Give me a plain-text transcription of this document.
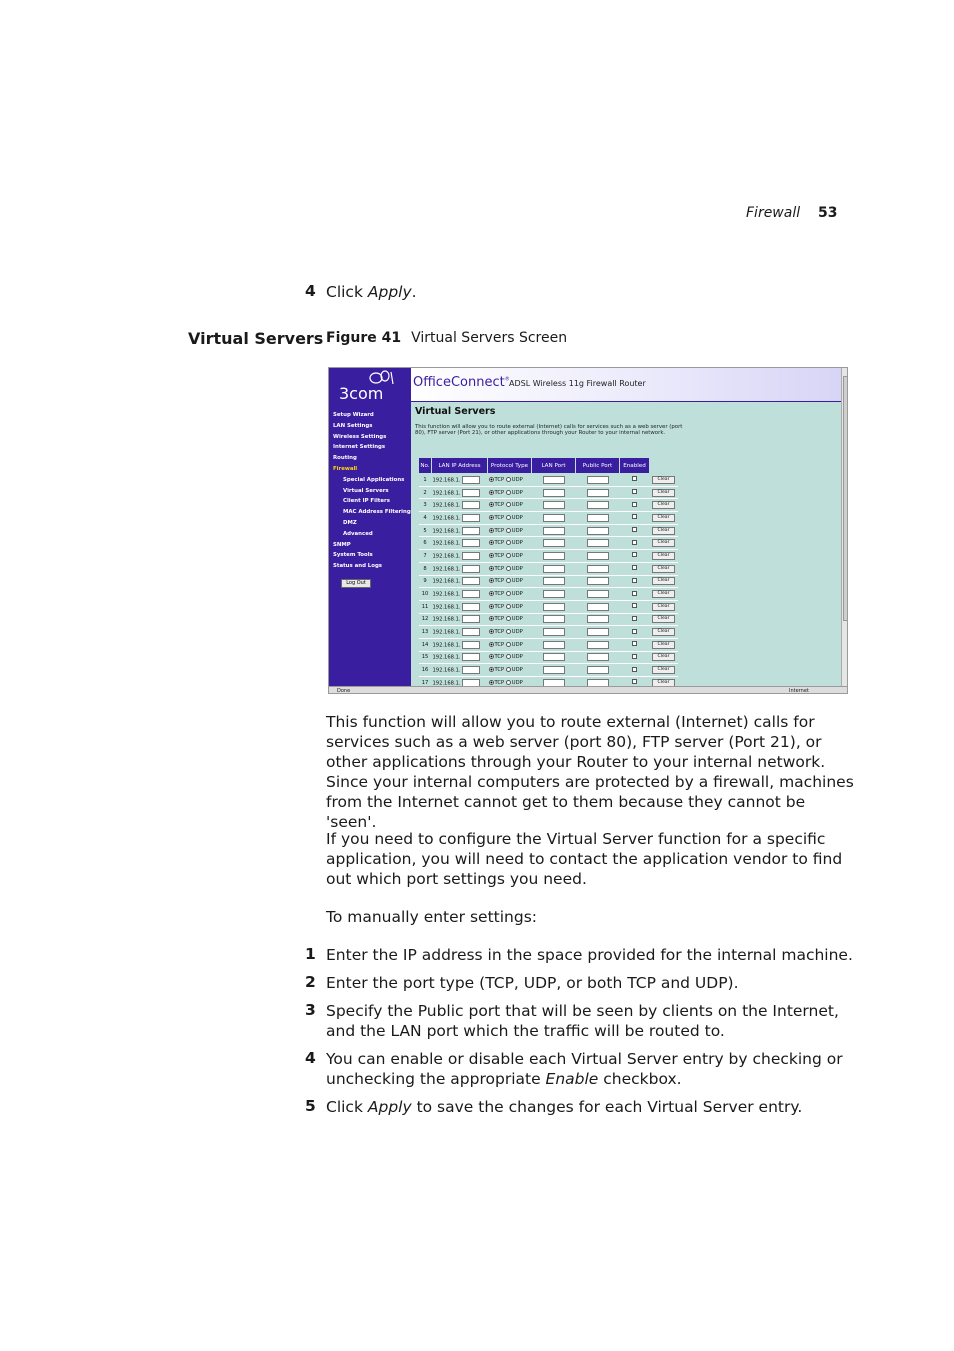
Firewall 53
4 Click Apply.
Virtual Servers Figure 41 Virtual Servers Screen
3com
Setup Wizard
LAN Settings
Wireless Settings
Internet Settings
Routing
Firewall
Special Applications
Virtual Servers
Client IP Filters
MAC Address Filtering
DMZ
Advanced
SNMP
System Tools
Status and Logs
Log Out
OfficeConnect® ADSL Wireless 11g Firewall Router
Virtual Servers
This function will allow you to route external (Internet) calls for services such as a web server (port 80), FTP server (Port 21), or other applications through your Router to your internal network.
No.	LAN IP Address	Protocol Type	LAN Port	Public Port	Enabled	
1	192.168.1.	TCP UDP				Clear
2	192.168.1.	TCP UDP				Clear
3	192.168.1.	TCP UDP				Clear
4	192.168.1.	TCP UDP				Clear
5	192.168.1.	TCP UDP				Clear
6	192.168.1.	TCP UDP				Clear
7	192.168.1.	TCP UDP				Clear
8	192.168.1.	TCP UDP				Clear
9	192.168.1.	TCP UDP				Clear
10	192.168.1.	TCP UDP				Clear
11	192.168.1.	TCP UDP				Clear
12	192.168.1.	TCP UDP				Clear
13	192.168.1.	TCP UDP				Clear
14	192.168.1.	TCP UDP				Clear
15	192.168.1.	TCP UDP				Clear
16	192.168.1.	TCP UDP				Clear
17	192.168.1.	TCP UDP				Clear
Done	Internet
This function will allow you to route external (Internet) calls for services such as a web server (port 80), FTP server (Port 21), or other applications through your Router to your internal network. Since your internal computers are protected by a firewall, machines from the Internet cannot get to them because they cannot be 'seen'.
If you need to configure the Virtual Server function for a specific application, you will need to contact the application vendor to find out which port settings you need.
To manually enter settings:
1 Enter the IP address in the space provided for the internal machine.
2 Enter the port type (TCP, UDP, or both TCP and UDP).
3 Specify the Public port that will be seen by clients on the Internet, and the LAN port which the traffic will be routed to.
4 You can enable or disable each Virtual Server entry by checking or unchecking the appropriate Enable checkbox.
5 Click Apply to save the changes for each Virtual Server entry.
